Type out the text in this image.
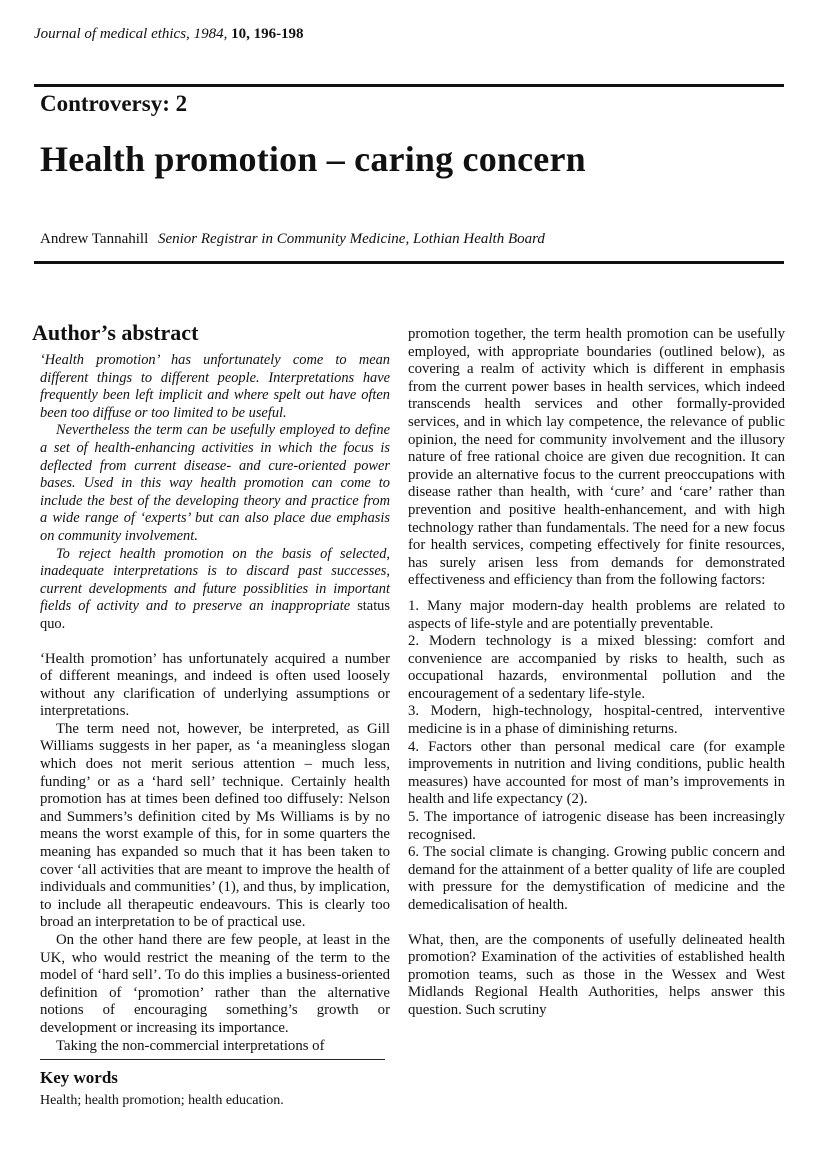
Journal of medical ethics, 1984, 10, 196-198
Controversy: 2
Health promotion – caring concern
Andrew Tannahill Senior Registrar in Community Medicine, Lothian Health Board
Author’s abstract

‘Health promotion’ has unfortunately come to mean different things to different people. Interpretations have frequently been left implicit and where spelt out have often been too diffuse or too limited to be useful.

Nevertheless the term can be usefully employed to define a set of health-enhancing activities in which the focus is deflected from current disease- and cure-oriented power bases. Used in this way health promotion can come to include the best of the developing theory and practice from a wide range of ‘experts’ but can also place due emphasis on community involvement.

To reject health promotion on the basis of selected, inadequate interpretations is to discard past successes, current developments and future possiblities in important fields of activity and to preserve an inappropriate status quo.

‘Health promotion’ has unfortunately acquired a number of different meanings, and indeed is often used loosely without any clarification of underlying assumptions or interpretations.

The term need not, however, be interpreted, as Gill Williams suggests in her paper, as ‘a meaningless slogan which does not merit serious attention – much less, funding’ or as a ‘hard sell’ technique. Certainly health promotion has at times been defined too diffusely: Nelson and Summers’s definition cited by Ms Williams is by no means the worst example of this, for in some quarters the meaning has expanded so much that it has been taken to cover ‘all activities that are meant to improve the health of individuals and communities’ (1), and thus, by implication, to include all therapeutic endeavours. This is clearly too broad an interpretation to be of practical use.

On the other hand there are few people, at least in the UK, who would restrict the meaning of the term to the model of ‘hard sell’. To do this implies a business-oriented definition of ‘promotion’ rather than the alternative notions of encouraging something’s growth or development or increasing its importance.

Taking the non-commercial interpretations of

Key words
Health; health promotion; health education.

promotion together, the term health promotion can be usefully employed, with appropriate boundaries (outlined below), as covering a realm of activity which is different in emphasis from the current power bases in health services, which indeed transcends health services and other formally-provided services, and in which lay competence, the relevance of public opinion, the need for community involvement and the illusory nature of free rational choice are given due recognition. It can provide an alternative focus to the current preoccupations with disease rather than health, with ‘cure’ and ‘care’ rather than prevention and positive health-enhancement, and with high technology rather than fundamentals. The need for a new focus for health services, competing effectively for finite resources, has surely arisen less from demands for demonstrated effectiveness and efficiency than from the following factors:

1. Many major modern-day health problems are related to aspects of life-style and are potentially preventable.

2. Modern technology is a mixed blessing: comfort and convenience are accompanied by risks to health, such as occupational hazards, environmental pollution and the encouragement of a sedentary life-style.

3. Modern, high-technology, hospital-centred, interventive medicine is in a phase of diminishing returns.

4. Factors other than personal medical care (for example improvements in nutrition and living conditions, public health measures) have accounted for most of man’s improvements in health and life expectancy (2).

5. The importance of iatrogenic disease has been increasingly recognised.

6. The social climate is changing. Growing public concern and demand for the attainment of a better quality of life are coupled with pressure for the demystification of medicine and the demedicalisation of health.

What, then, are the components of usefully delineated health promotion? Examination of the activities of established health promotion teams, such as those in the Wessex and West Midlands Regional Health Authorities, helps answer this question. Such scrutiny
